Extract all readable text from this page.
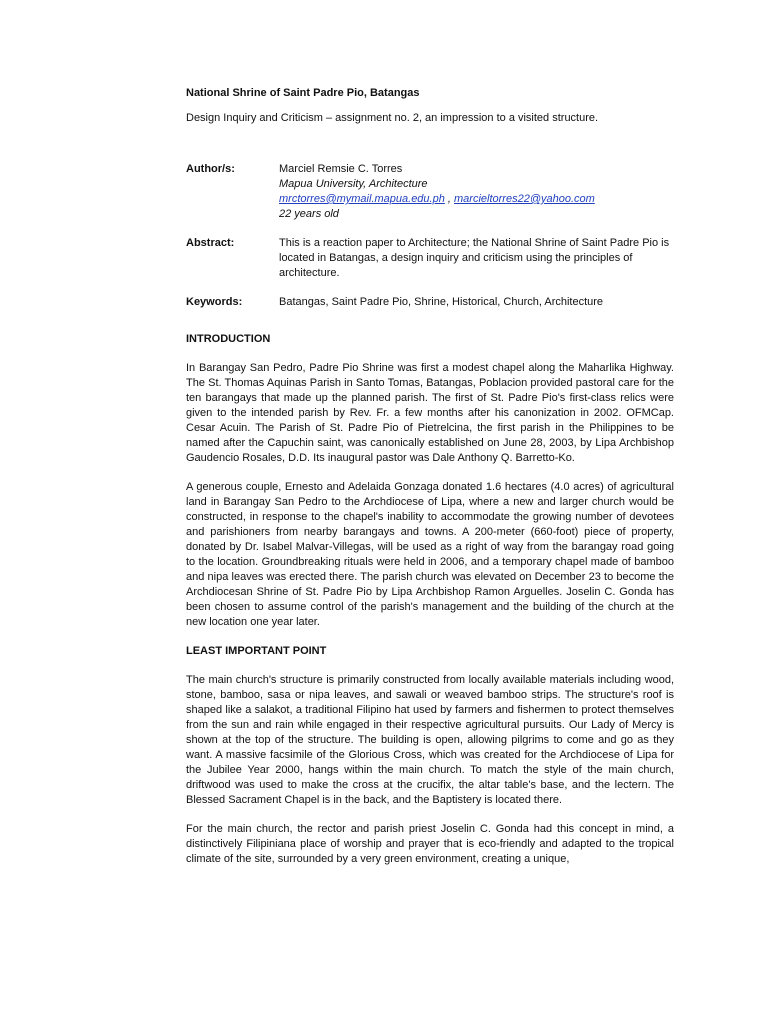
National Shrine of Saint Padre Pio, Batangas

Design Inquiry and Criticism – assignment no. 2, an impression to a visited structure.

Author/s:	Marciel Remsie C. Torres
Mapua University, Architecture
mrctorres@mymail.mapua.edu.ph , marcieltorres22@yahoo.com
22 years old
Abstract:	This is a reaction paper to Architecture; the National Shrine of Saint Padre Pio is located in Batangas, a design inquiry and criticism using the principles of architecture.
Keywords:	Batangas, Saint Padre Pio, Shrine, Historical, Church, Architecture

INTRODUCTION

In Barangay San Pedro, Padre Pio Shrine was first a modest chapel along the Maharlika Highway. The St. Thomas Aquinas Parish in Santo Tomas, Batangas, Poblacion provided pastoral care for the ten barangays that made up the planned parish. The first of St. Padre Pio's first-class relics were given to the intended parish by Rev. Fr. a few months after his canonization in 2002. OFMCap. Cesar Acuin. The Parish of St. Padre Pio of Pietrelcina, the first parish in the Philippines to be named after the Capuchin saint, was canonically established on June 28, 2003, by Lipa Archbishop Gaudencio Rosales, D.D. Its inaugural pastor was Dale Anthony Q. Barretto-Ko.

A generous couple, Ernesto and Adelaida Gonzaga donated 1.6 hectares (4.0 acres) of agricultural land in Barangay San Pedro to the Archdiocese of Lipa, where a new and larger church would be constructed, in response to the chapel's inability to accommodate the growing number of devotees and parishioners from nearby barangays and towns. A 200-meter (660-foot) piece of property, donated by Dr. Isabel Malvar-Villegas, will be used as a right of way from the barangay road going to the location. Groundbreaking rituals were held in 2006, and a temporary chapel made of bamboo and nipa leaves was erected there. The parish church was elevated on December 23 to become the Archdiocesan Shrine of St. Padre Pio by Lipa Archbishop Ramon Arguelles. Joselin C. Gonda has been chosen to assume control of the parish's management and the building of the church at the new location one year later.

LEAST IMPORTANT POINT

The main church's structure is primarily constructed from locally available materials including wood, stone, bamboo, sasa or nipa leaves, and sawali or weaved bamboo strips. The structure's roof is shaped like a salakot, a traditional Filipino hat used by farmers and fishermen to protect themselves from the sun and rain while engaged in their respective agricultural pursuits. Our Lady of Mercy is shown at the top of the structure. The building is open, allowing pilgrims to come and go as they want. A massive facsimile of the Glorious Cross, which was created for the Archdiocese of Lipa for the Jubilee Year 2000, hangs within the main church. To match the style of the main church, driftwood was used to make the cross at the crucifix, the altar table's base, and the lectern. The Blessed Sacrament Chapel is in the back, and the Baptistery is located there.

For the main church, the rector and parish priest Joselin C. Gonda had this concept in mind, a distinctively Filipiniana place of worship and prayer that is eco-friendly and adapted to the tropical climate of the site, surrounded by a very green environment, creating a unique,
